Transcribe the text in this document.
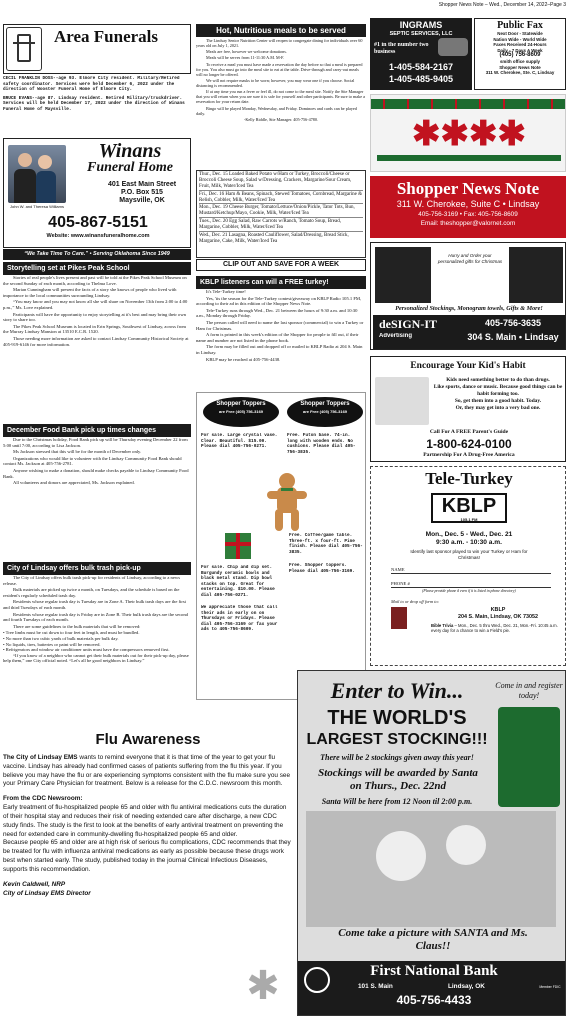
Shopper News Note – Wed., December 14, 2022–Page 3
Area Funerals
CECIL FRANKLIN DOSS--age 93. Elmore City resident. Military/Retired safety coordinator. Services were held December 6, 2022 under the direction of Wooster Funeral Home of Elmore City.
BRUCE EVANS--age 87. Lindsay resident. Retired Military/truckdriver. Services will be held December 17, 2022 under the direction of Winans Funeral Home of Maysville.
John W. and Theresa Williams
Winans
Funeral Home
401 East Main Street
P.O. Box 515
Maysville, OK
405-867-5151
Website: www.winansfuneralhome.com
“We Take Time To Care.” • Serving Oklahoma Since 1949
Storytelling set at Pikes Peak School

Stories of real people's lives present and past will be told at the Pikes Peak School Museum on the second Sunday of each month, according to Thelma Love.

Marian Cunningham will present the facts of a story she knows of people who lived with importance to the local communities surrounding Lindsay.

“You may know and you may not know all she will share on November 13th from 2:00 to 4:00 p.m.,” Ms. Love explained.

Participants will have the opportunity to enjoy storytelling at it's best and may bring their own story to share too.

The Pikes Peak School Museum is located in Erin Springs, Southwest of Lindsay, across from the Murray Lindsay Mansion at 13510 E.C.R. 1520.

Those needing more information are asked to contact Lindsay Community Historical Society at 405-919-6146 for more information.

December Food Bank pick up times changes

Due to the Christmas holiday, Food Bank pick up will be Thursday evening December 22 from 5:00 until 7:00, according to Lisa Jackson.

Ms Jackson stressed that this will be for the month of December only.

Organizations who would like to volunteer with the Lindsay Community Food Bank should contact Ms. Jackson at 405-756-2781.

Anyone wishing to make a donation, should make checks payable to Lindsay Community Food Bank.

All volunteers and donors are appreciated, Ms. Jackson explained.

City of Lindsay offers bulk trash pick-up

The City of Lindsay offers bulk trash pick-up for residents of Lindsay, according to a news release.

Bulk materials are picked up twice a month, on Tuesdays, and the schedule is based on the resident's regularly scheduled trash day.

Residents whose regular trash day is Tuesday are in Zone A. Their bulk trash days are the first and third Tuesdays of each month.

Residents whose regular trash day is Friday are in Zone B. Their bulk trash days are the second and fourth Tuesdays of each month.

There are some guidelines to the bulk materials that will be removed:

• Tree limbs must be cut down to four feet in length, and must be bundled.
• No more than two cubic yards of bulk materials per bulk day.
• No liquids, tires, batteries or paint will be removed.
• Refrigerators and window air conditioner units must have the compressors removed first.

“If you know of a neighbor who cannot get their bulk materials out for their pick-up day, please help them,” one City official noted. “Let's all be good neighbors in Lindsay.”

Hot, Nutritious meals to be served

The Lindsay Senior Nutrition Center will reopen to congregate dining for individuals over 60 years old on July 1, 2021.

Meals are free, however we welcome donations.

Meals will be serves from 11-11:30 A.M. M-F.

To receive a meal you must have made a reservation the day before so that a meal is prepared for you. You also must go into the meal site to eat at the table. Drive-through and carry-out meals will no longer be offered.

We will not require masks to be worn; however, you may wear one if you choose. Social distancing is recommended.

If at any time you run a fever or feel ill, do not come to the meal site. Notify the Site Manager that you will return when you are sure it is safe for yourself and other participants. Be sure to make a reservation for your return date.

Bingo will be played Monday, Wednesday, and Friday. Dominoes and cards can be played daily.

-Kelly Riddle, Site Manager. 405-756-4780.

Thur., Dec. 15 Loaded Baked Potato w/Ham or Turkey, Broccoli/Cheese or Broccoli Cheese Soup, Salad w/Dressing, Crackers, Margarine/Sour Cream, Fruit, Milk, Water/Iced Tea
Fri., Dec. 16 Ham & Beans, Spinach, Stewed Tomatoes, Cornbread, Margarine & Relish, Cobbler, Milk, Water/Iced Tea
Mon., Dec. 19 Cheese Burger, Tomato/Lettuce/Onion/Pickle, Tator Tots, Bun, Mustard/Ketchup/Mayo, Cookie, Milk, Water/Iced Tea
Tues., Dec. 20 Egg Salad, Raw Carrots w/Ranch, Tomato Soup, Bread, Margarine, Cobbler, Milk, Water/Iced Tea
Wed., Dec. 21 Lasagna, Roasted Cauliflower, Salad/Dressing, Bread Stick, Margarine, Cake, Milk, Water/Iced Tea
CLIP OUT AND SAVE FOR A WEEK
KBLP listeners can will a FREE turkey!

It's Tele-Turkey time!

Yes, 'tis the season for the Tele-Turkey contest/giveaway on KBLP Radio 105.1 FM, according to their ad in this edition of the Shopper News Note.

Tele-Turkey runs through Wed., Dec. 21 between the hours of 9:30 a.m. and 10:30 a.m., Monday through Friday.

The person called will need to name the last sponsor (commercial) to win a Turkey or Ham for Christmas.

A form is printed in this week's edition of the Shopper for people to fill out, if their name and number are not listed in the phone book.

The form may be filled out and dropped off or mailed to KBLP Radio at 204 S. Main in Lindsay.

KBLP may be reached at 405-756-4438.

Shopper Toppers
are Free (405) 756-3169
Shopper Toppers
are Free (405) 756-3169
For sale. Large crystal vase. Clear. Beautiful. $15.00. Please dial 405-756-0271.
Free. Futon base. 74-in. long with wooden ends. No cushions. Please dial 405-756-3835.
For sale. Chip and dip set. Burgundy ceramic bowls and black metal stand. Dip bowl stacks on top. Great for entertaining. $10.00. Please dial 405-756-0271.
We appreciate those that call their ads in early on on Thursdays or Fridays. Please dial 405-756-3169 or fax your ads to 405-756-8609.
Free. Coffee/game table. Three-ft. x four-ft. Pine finish. Please dial 405-756-3835.
Free. Shopper toppers. Please dial 405-756-3169.
INGRAMS
SEPTIC SERVICES, LLC
#1 in the number two business
1-405-584-2167
1-405-485-9405
Public Fax
Next Door - Statewide
Nation Wide - World Wide
Faxes Received 24-Hours
Daily - 7 Days A Week
(405) 756-8609
smith office supply
Shopper News Note
311 W. Cherokee, Ste. C, Lindsay
✱✱✱✱
Shopper News Note
311 W. Cherokee, Suite C • Lindsay
405-756-3169 • Fax: 405-756-8609
Email: theshopper@valornet.com
Hurry and Order your personalized gifts for Christmas
Personalized Stockings, Monogram towels, Gifts & More!
deSIGN-IT
Advertising
405-756-3635
304 S. Main • Lindsay
Encourage Your Kid's Habit
Kids need something better to do than drugs.
Like sports, dance or music. Because good things can be habit forming too.
So, get them into a good habit. Today.
Or, they may get into a very bad one.
Call For A FREE Parent's Guide
1-800-624-0100
Partnership For A Drug-Free America
Tele-Turkey
KBLP
105.1 FM
Mon., Dec. 5 - Wed., Dec. 21
9:30 a.m. - 10:30 a.m.
Identify last sponsor played to win your Turkey or Ham for Christmas!
NAME
PHONE #
(Please provide phone # even if it is listed in phone directory)
Mail to or drop off form to:
KBLP
204 S. Main, Lindsay, OK 73052
Bible Trivia – Mon., Dec. 5 thru Wed., Dec. 21, Mon.-Fri. 10:45 a.m. every day for a chance to win a Field's pie.
Enter to Win...	Come in and register today!
THE WORLD'S
LARGEST STOCKING!!!
There will be 2 stockings given away this year!
Stockings will be awarded by Santa on Thurs., Dec. 22nd
Santa Will be here from 12 Noon til 2:00 p.m.
Come take a picture with SANTA and Ms. Claus!!
First National Bank
101 S. Main	Lindsay, OK
405-756-4433
Member FDIC
Flu Awareness
The City of Lindsay EMS wants to remind everyone that it is that time of the year to get your flu vaccine. Lindsay has already had confirmed cases of patients suffering from the flu this year. If you believe you may have the flu or are experiencing symptoms consistent with the flu make sure you see your Primary Care Physician for treatment. Below is a release for the C.D.C. newsroom this month.
From the CDC Newsroom:
Early treatment of flu-hospitalized people 65 and older with flu antiviral medications cuts the duration of their hospital stay and reduces their risk of needing extended care after discharge, a new CDC study finds. The study is the first to look at the benefits of early antiviral treatment on preventing the need for extended care in community-dwelling flu-hospitalized people 65 and older.
Because people 65 and older are at high risk of serious flu complications, CDC recommends that they be treated for flu with influenza antiviral medications as early as possible because these drugs work best when started early. The study, published today in the journal Clinical Infectious Diseases, supports this recommendation.
Kevin Caldwell, NRP
City of Lindsay EMS Director
✱
